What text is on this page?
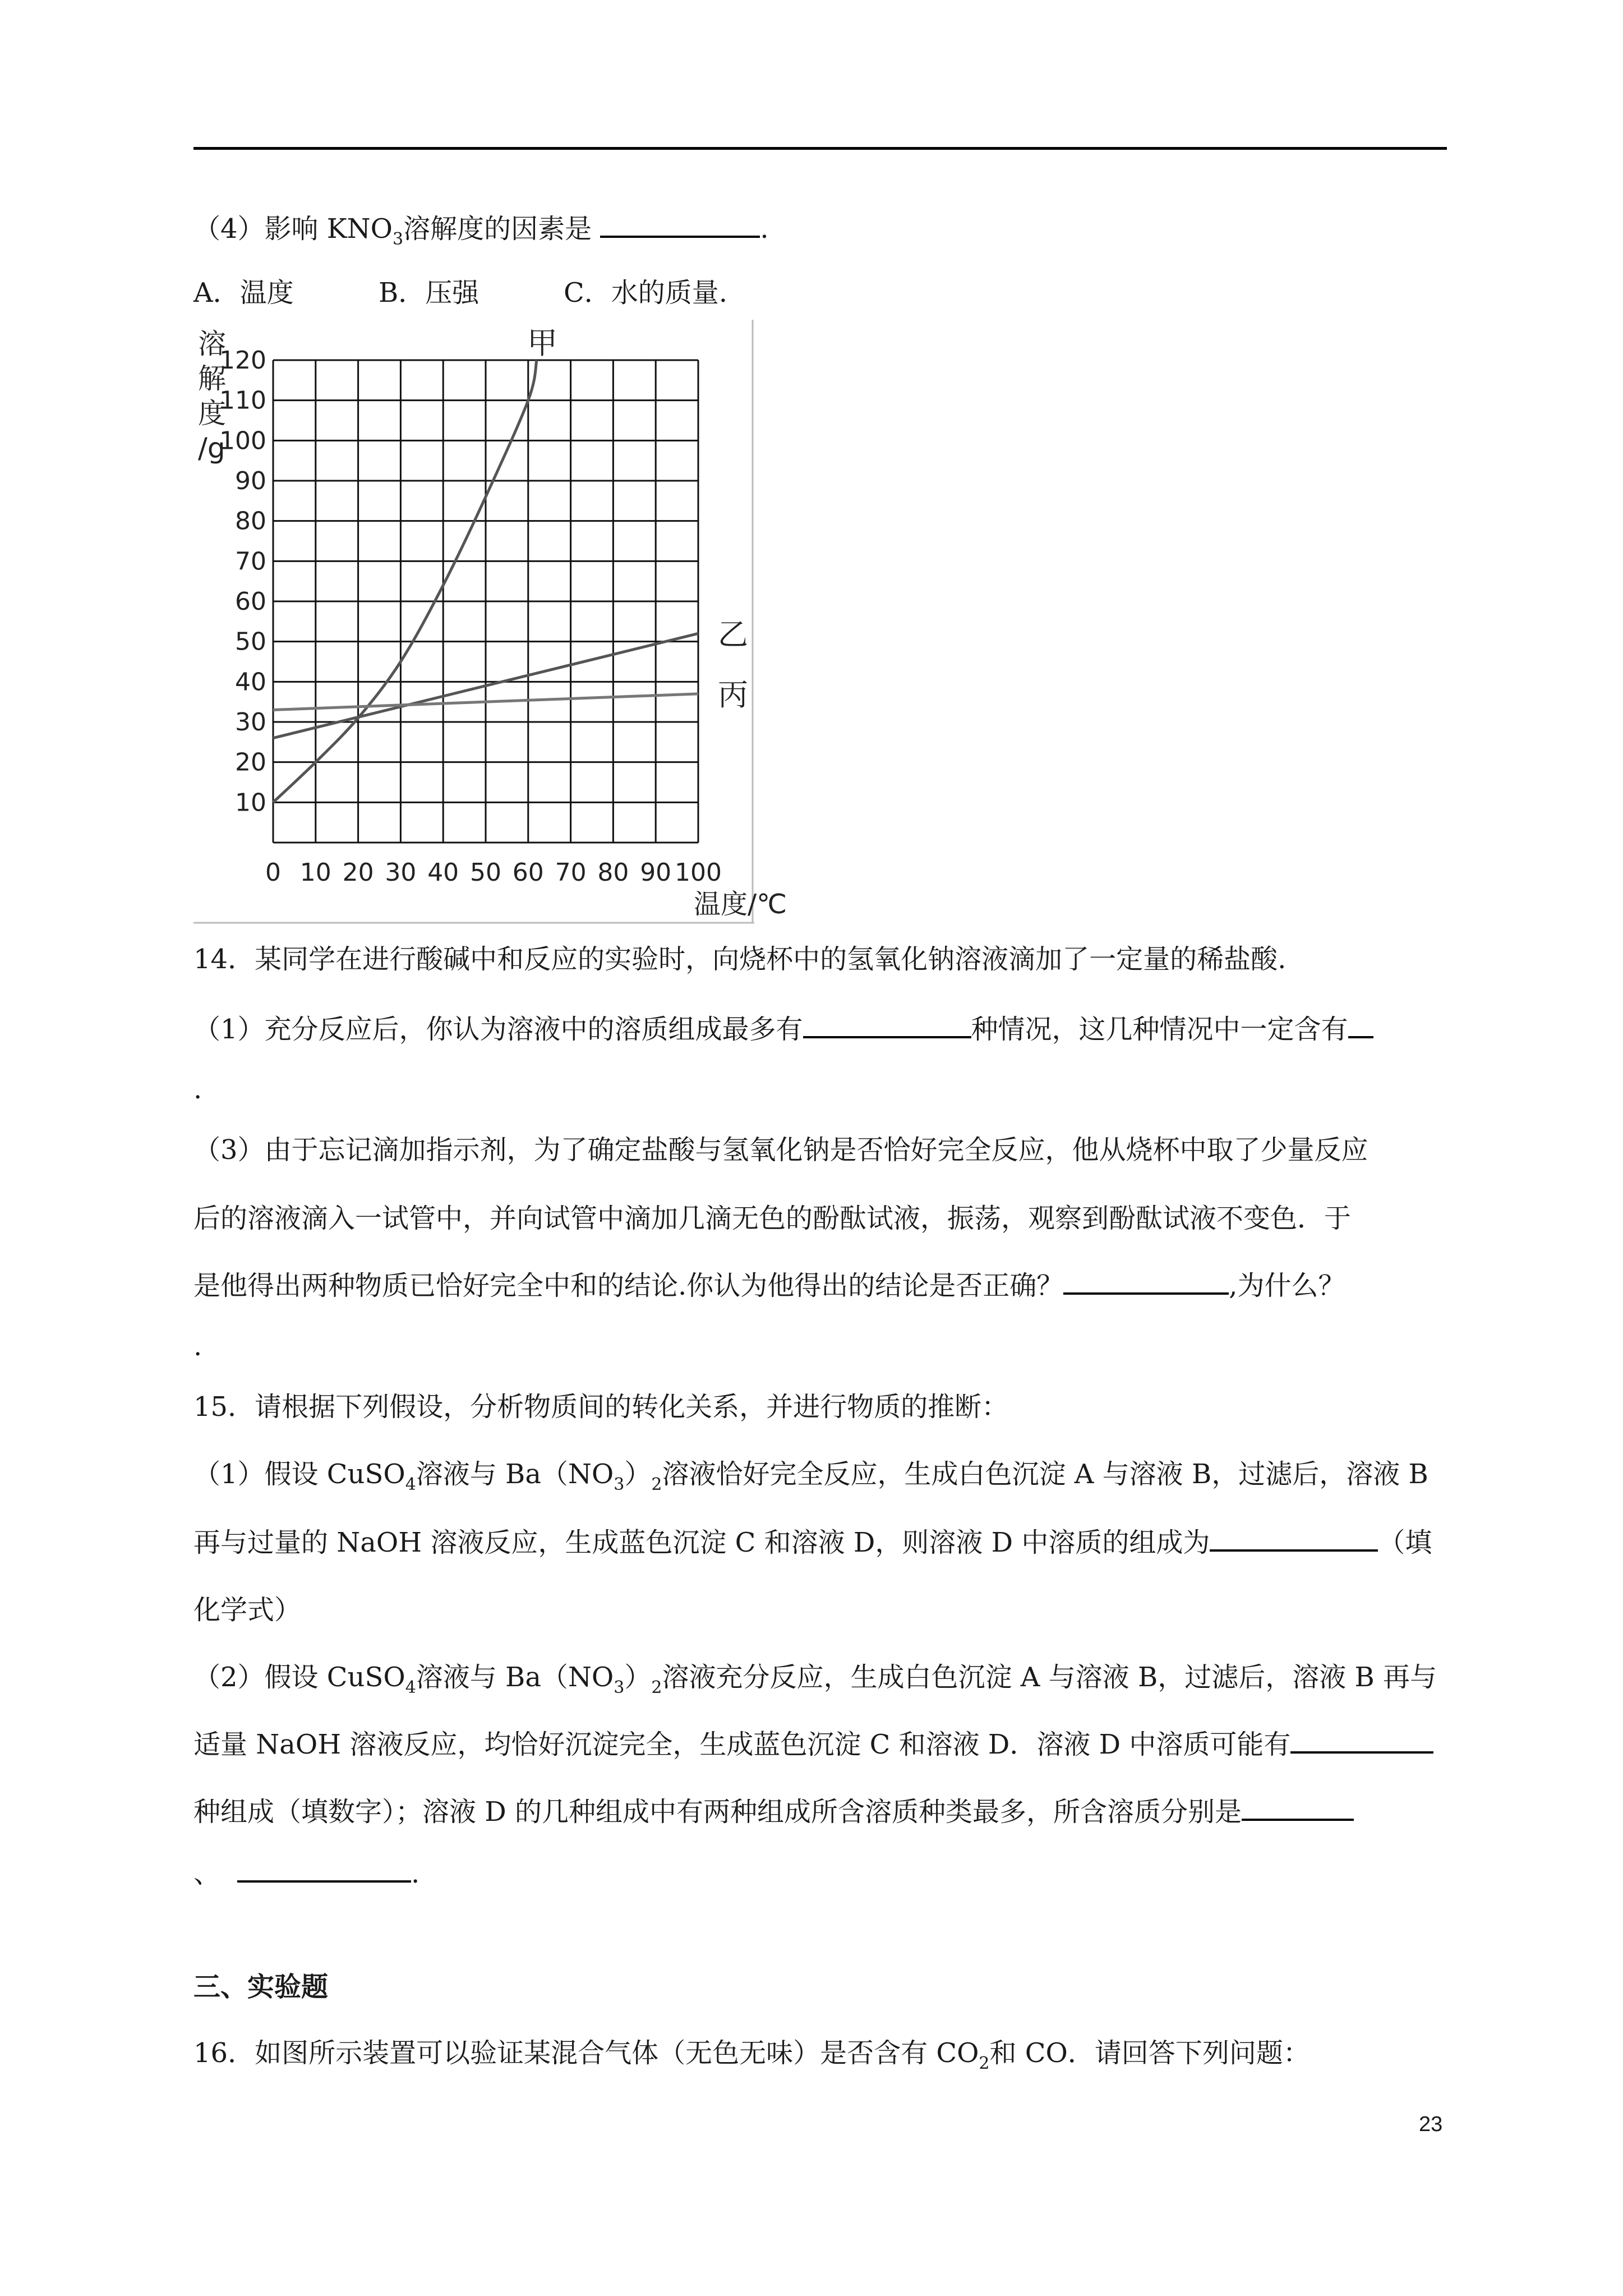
（4）影响 $KNO_3$溶解度的因素是	.
A．温度	B．压强	C．水的质量.
溶
解
度
/g
10
20
30
40
50
60
70
80
90
100
110
120
0 10 20 30 40 50 60 70 80 90 100
甲
乙
丙
温度/℃
14．某同学在进行酸碱中和反应的实验时，向烧杯中的氢氧化钠溶液滴加了一定量的稀盐酸.
（1）充分反应后，你认为溶液中的溶质组成最多有	种情况，这几种情况中一定含有
.
（3）由于忘记滴加指示剂，为了确定盐酸与氢氧化钠是否恰好完全反应，他从烧杯中取了少量反应
后的溶液滴入一试管中，并向试管中滴加几滴无色的酚酞试液，振荡，观察到酚酞试液不变色．于
是他得出两种物质已恰好完全中和的结论.你认为他得出的结论是否正确？	,为什么？
.
15．请根据下列假设，分析物质间的转化关系，并进行物质的推断：
（1）假设 CuSO$_4$溶液与 $Ba(NO_3)_2$溶液恰好完全反应，生成白色沉淀 A 与溶液 B，过滤后，溶液 B
再与过量的 NaOH 溶液反应，生成蓝色沉淀 C 和溶液 D，则溶液 D 中溶质的组成为	（填
化学式）
（2）假设 CuSO$_4$溶液与 $Ba(NO_3)_2$溶液充分反应，生成白色沉淀 A 与溶液 B，过滤后，溶液 B 再与
适量 NaOH 溶液反应，均恰好沉淀完全，生成蓝色沉淀 C 和溶液 D．溶液 D 中溶质可能有
种组成（填数字）；溶液 D 的几种组成中有两种组成所含溶质种类最多，所含溶质分别是
、	.
三、实验题
16．如图所示装置可以验证某混合气体（无色无味）是否含有 $CO_2$和 CO．请回答下列问题：
23
